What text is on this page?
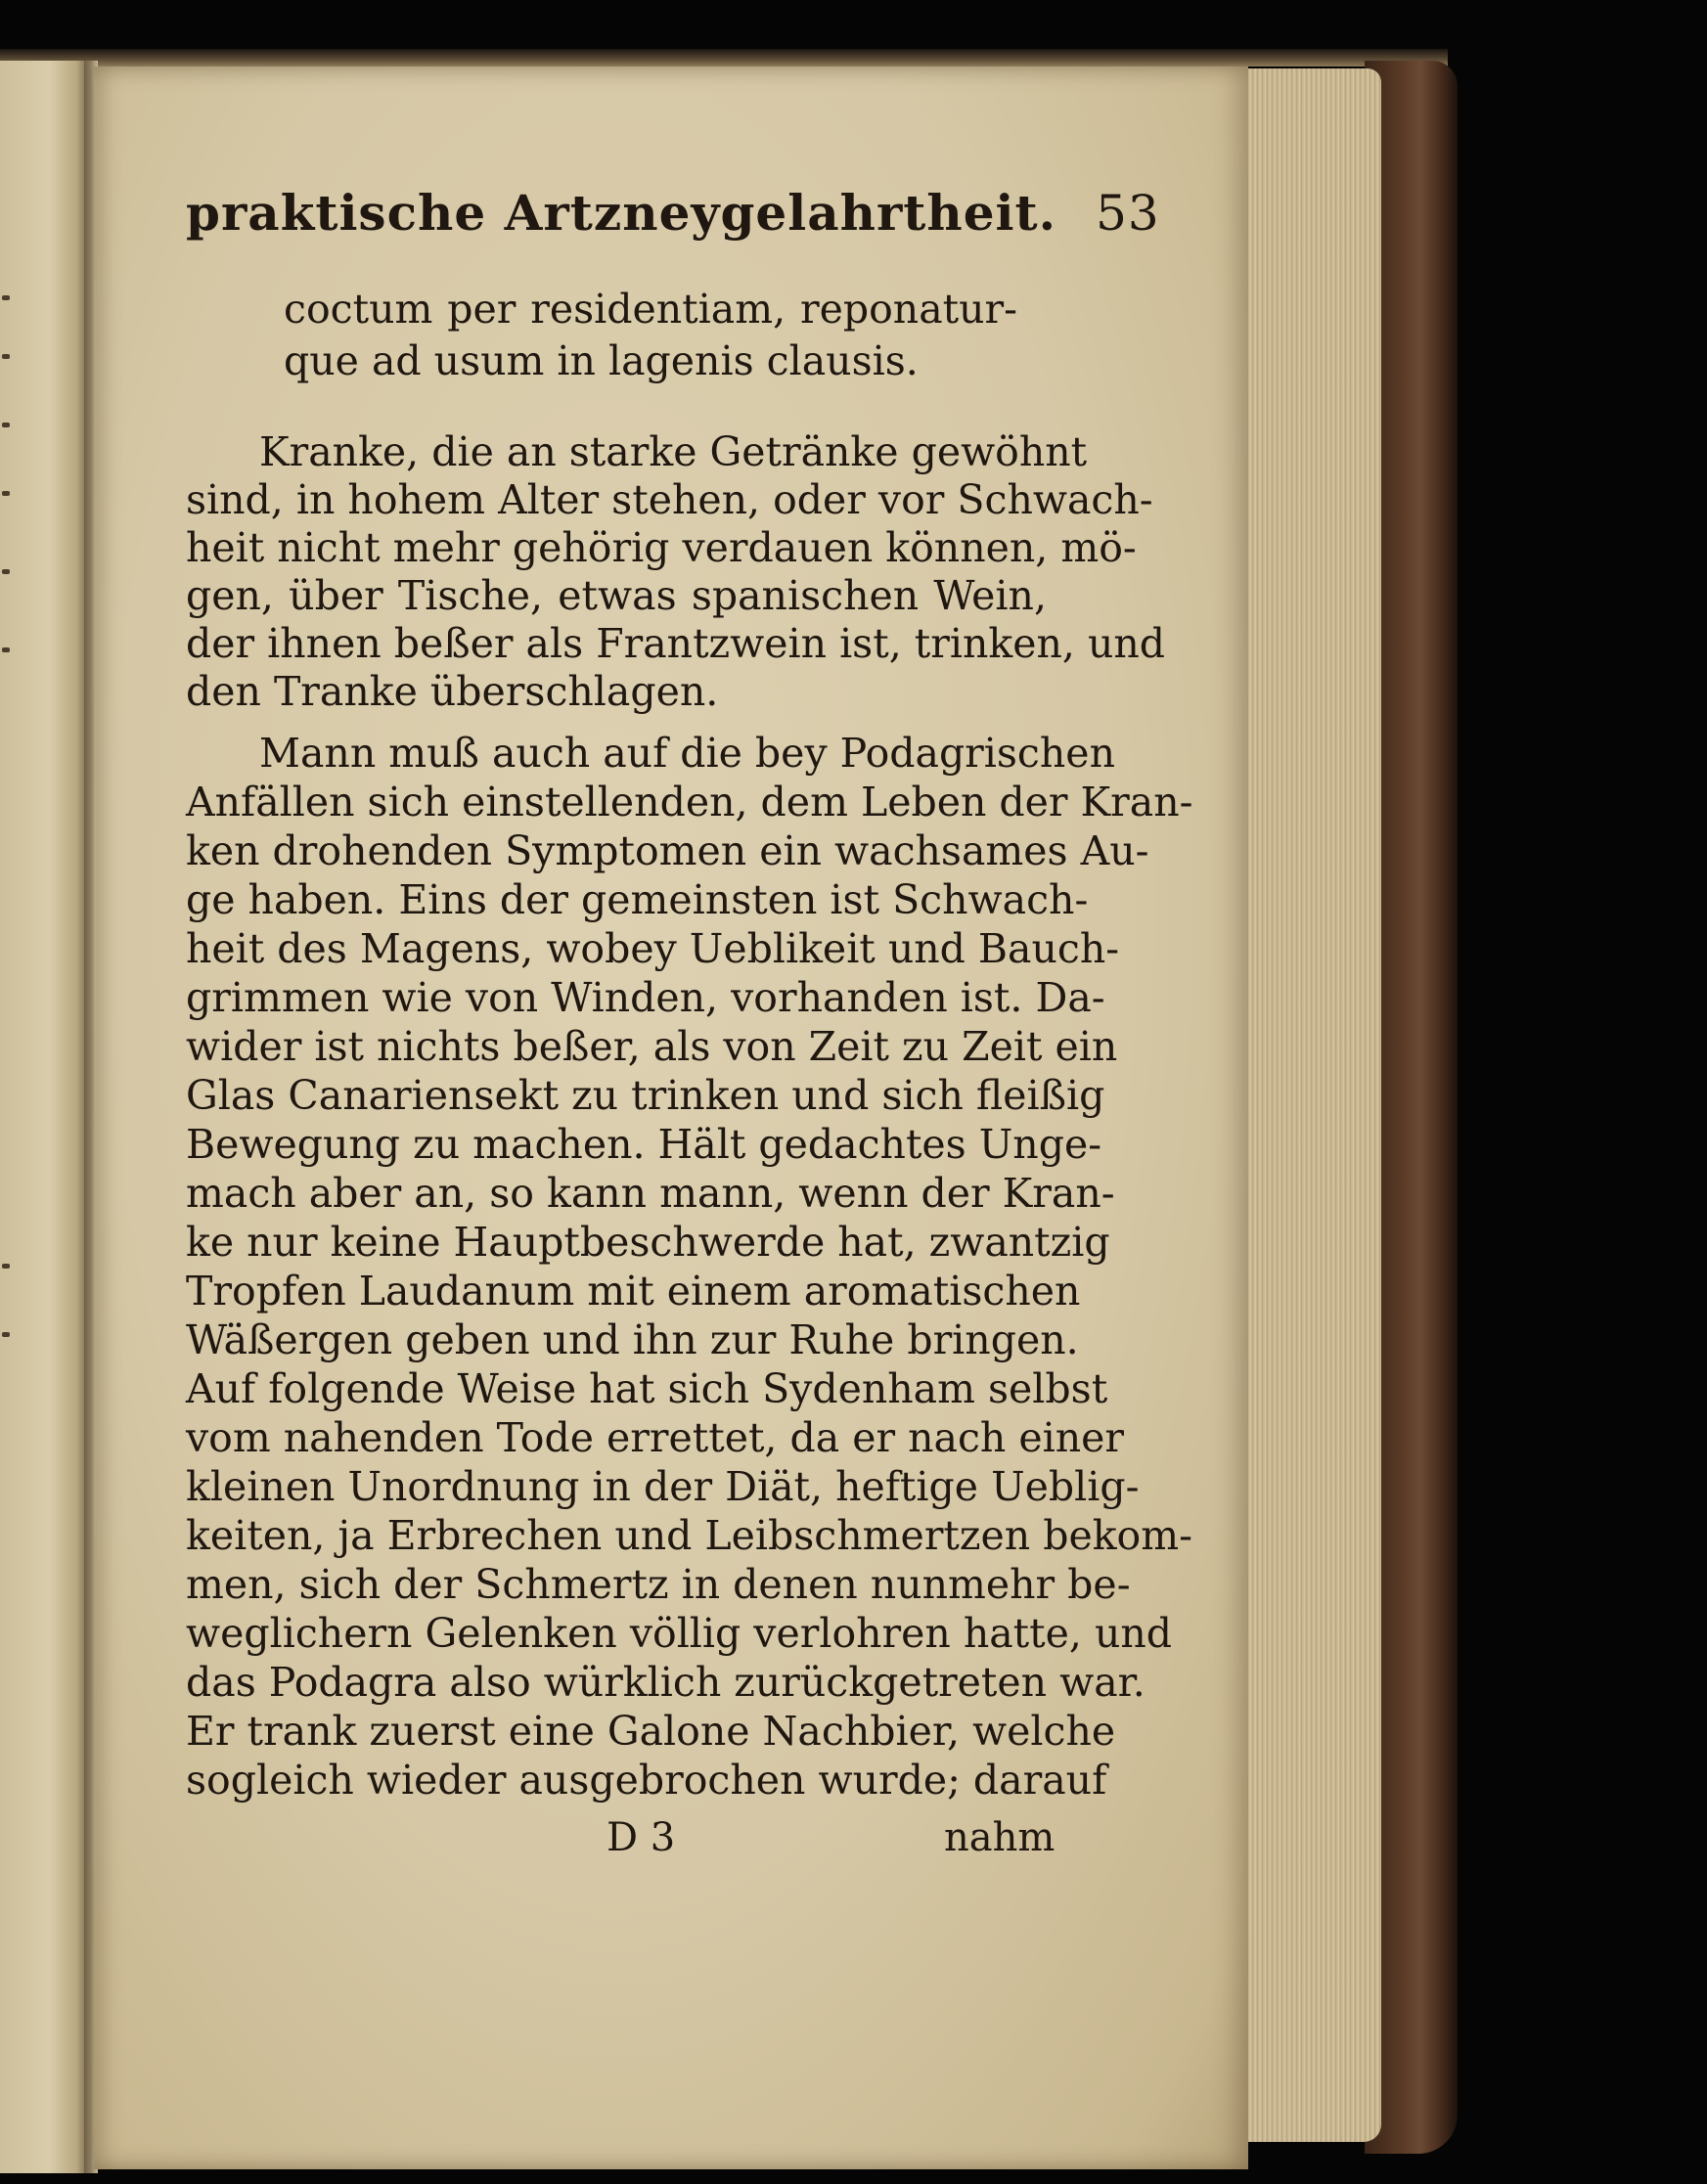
praktische Artzneygelahrtheit. 53
coctum per residentiam, reponatur-
que ad usum in lagenis clausis.
Kranke, die an starke Getränke gewöhnt
sind, in hohem Alter stehen, oder vor Schwach-
heit nicht mehr gehörig verdauen können, mö-
gen, über Tische, etwas spanischen Wein,
der ihnen beßer als Frantzwein ist, trinken, und
den Tranke überschlagen.
Mann muß auch auf die bey Podagrischen
Anfällen sich einstellenden, dem Leben der Kran-
ken drohenden Symptomen ein wachsames Au-
ge haben. Eins der gemeinsten ist Schwach-
heit des Magens, wobey Ueblikeit und Bauch-
grimmen wie von Winden, vorhanden ist. Da-
wider ist nichts beßer, als von Zeit zu Zeit ein
Glas Canariensekt zu trinken und sich fleißig
Bewegung zu machen. Hält gedachtes Unge-
mach aber an, so kann mann, wenn der Kran-
ke nur keine Hauptbeschwerde hat, zwantzig
Tropfen Laudanum mit einem aromatischen
Wäßergen geben und ihn zur Ruhe bringen.
Auf folgende Weise hat sich Sydenham selbst
vom nahenden Tode errettet, da er nach einer
kleinen Unordnung in der Diät, heftige Ueblig-
keiten, ja Erbrechen und Leibschmertzen bekom-
men, sich der Schmertz in denen nunmehr be-
weglichern Gelenken völlig verlohren hatte, und
das Podagra also würklich zurückgetreten war.
Er trank zuerst eine Galone Nachbier, welche
sogleich wieder ausgebrochen wurde; darauf
D 3	nahm
